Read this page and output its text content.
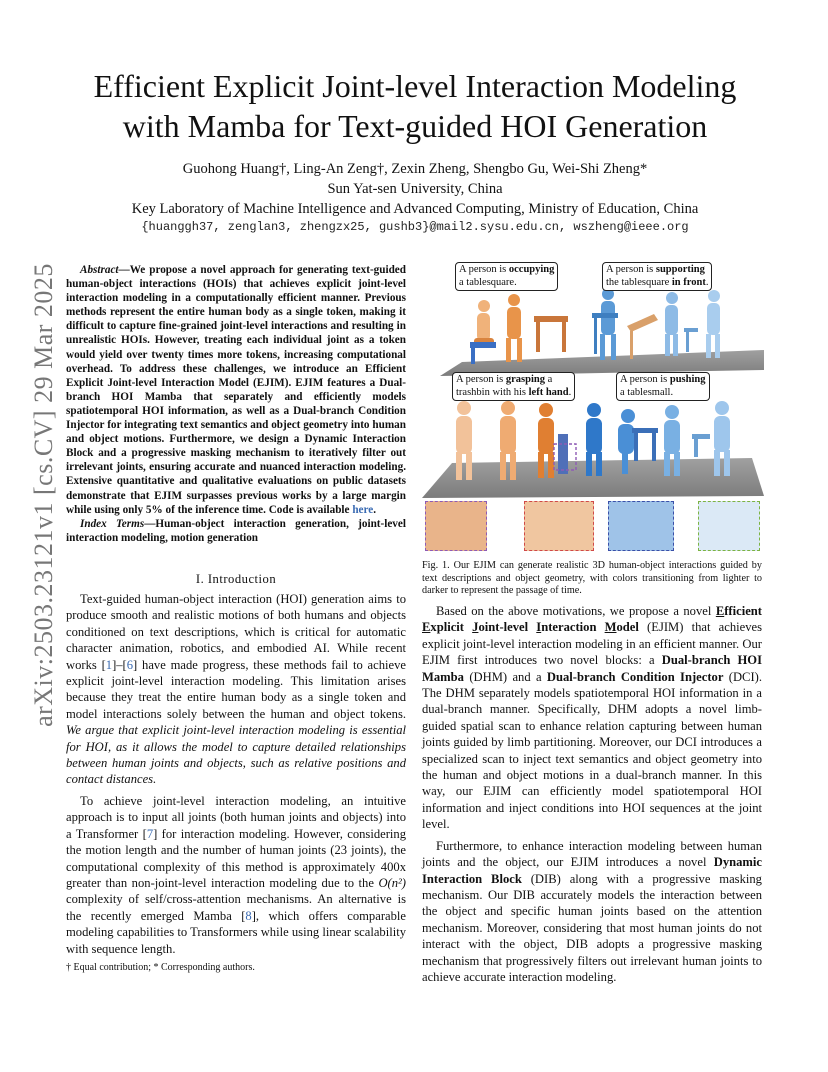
arXiv:2503.23121v1 [cs.CV] 29 Mar 2025
Efficient Explicit Joint-level Interaction Modeling
with Mamba for Text-guided HOI Generation
Guohong Huang†, Ling-An Zeng†, Zexin Zheng, Shengbo Gu, Wei-Shi Zheng*
Sun Yat-sen University, China
Key Laboratory of Machine Intelligence and Advanced Computing, Ministry of Education, China
{huanggh37, zenglan3, zhengzx25, gushb3}@mail2.sysu.edu.cn, wszheng@ieee.org

Abstract—We propose a novel approach for generating text-guided human-object interactions (HOIs) that achieves explicit joint-level interaction modeling in a computationally efficient manner. Previous methods represent the entire human body as a single token, making it difficult to capture fine-grained joint-level interactions and resulting in unrealistic HOIs. However, treating each individual joint as a token would yield over twenty times more tokens, increasing computational overhead. To address these challenges, we introduce an Efficient Explicit Joint-level Interaction Model (EJIM). EJIM features a Dual-branch HOI Mamba that separately and efficiently models spatiotemporal HOI information, as well as a Dual-branch Condition Injector for integrating text semantics and object geometry into human and object motions. Furthermore, we design a Dynamic Interaction Block and a progressive masking mechanism to iteratively filter out irrelevant joints, ensuring accurate and nuanced interaction modeling. Extensive quantitative and qualitative evaluations on public datasets demonstrate that EJIM surpasses previous works by a large margin while using only 5% of the inference time. Code is available here.

Index Terms—Human-object interaction generation, joint-level interaction modeling, motion generation

I. Introduction

Text-guided human-object interaction (HOI) generation aims to produce smooth and realistic motions of both humans and objects conditioned on text descriptions, which is critical for automatic character animation, robotics, and embodied AI. While recent works [1]–[6] have made progress, these methods fail to achieve explicit joint-level interaction modeling. This limitation arises because they treat the entire human body as a single token and model interactions solely between the human and object tokens. We argue that explicit joint-level interaction modeling is essential for HOI, as it allows the model to capture detailed relationships between human joints and objects, such as relative positions and contact distances.

To achieve joint-level interaction modeling, an intuitive approach is to input all joints (both human joints and objects) into a Transformer [7] for interaction modeling. However, considering the motion length and the number of human joints (23 joints), the computational complexity of this method is approximately 400x greater than non-joint-level interaction modeling due to the O(n²) complexity of self/cross-attention mechanisms. An alternative is the recently emerged Mamba [8], which offers comparable modeling capabilities to Transformers while using linear scalability with sequence length.

† Equal contribution; * Corresponding authors.
A person is occupying
a tablesquare.
A person is supporting
the tablesquare in front.
A person is grasping a
trashbin with his left hand.
A person is pushing
a tablesmall.
Fig. 1. Our EJIM can generate realistic 3D human-object interactions guided by text descriptions and object geometry, with colors transitioning from lighter to darker to represent the passage of time.

Based on the above motivations, we propose a novel Efficient Explicit Joint-level Interaction Model (EJIM) that achieves explicit joint-level interaction modeling in an efficient manner. Our EJIM first introduces two novel blocks: a Dual-branch HOI Mamba (DHM) and a Dual-branch Condition Injector (DCI). The DHM separately models spatiotemporal HOI information in a dual-branch manner. Specifically, DHM adopts a novel limb-guided spatial scan to enhance relation capturing between human joints guided by limb partitioning. Moreover, our DCI introduces a specialized scan to inject text semantics and object geometry into the human and object motions in a dual-branch manner. In this way, our EJIM can efficiently model spatiotemporal HOI information and inject conditions into HOI sequences at the joint level.

Furthermore, to enhance interaction modeling between human joints and the object, our EJIM introduces a novel Dynamic Interaction Block (DIB) along with a progressive masking mechanism. Our DIB accurately models the interaction between the object and specific human joints based on the attention mechanism. Moreover, considering that most human joints do not interact with the object, DIB adopts a progressive masking mechanism that progressively filters out irrelevant human joints to achieve accurate interaction modeling.
